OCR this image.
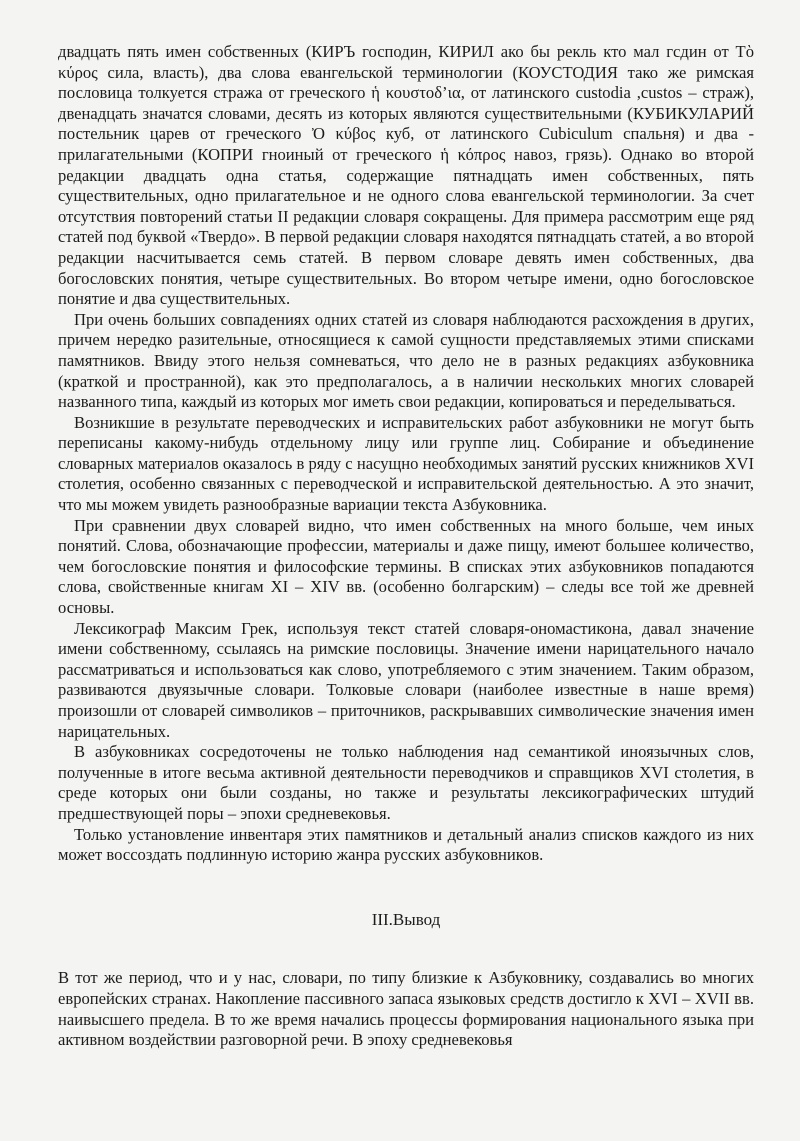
двадцать пять имен собственных (КИРЪ господин, КИРИЛ ако бы рекль кто мал гсдин от Τὸ κύρος сила, власть), два слова евангельской терминологии (КОУСТОДИЯ тако же римская пословица толкуется стража от греческого ἡ κουστοδ’ια, от латинского custodia ,custos – страж), двенадцать значатся словами, десять из которых являются существительными (КУБИКУЛАРИЙ постельник царев от греческого Ὀ κύβος куб, от латинского Cubiculum спальня) и два - прилагательными (КОПРИ гноиный от греческого ἡ κόπρος навоз, грязь). Однако во второй редакции двадцать одна статья, содержащие пятнадцать имен собственных, пять существительных, одно прилагательное и не одного слова евангельской терминологии. За счет отсутствия повторений статьи II редакции словаря сокращены. Для примера рассмотрим еще ряд статей под буквой «Твердо». В первой редакции словаря находятся пятнадцать статей, а во второй редакции насчитывается семь статей. В первом словаре девять имен собственных, два богословских понятия, четыре существительных. Во втором четыре имени, одно богословское понятие и два существительных.

При очень больших совпадениях одних статей из словаря наблюдаются расхождения в других, причем нередко разительные, относящиеся к самой сущности представляемых этими списками памятников. Ввиду этого нельзя сомневаться, что дело не в разных редакциях азбуковника (краткой и пространной), как это предполагалось, а в наличии нескольких многих словарей названного типа, каждый из которых мог иметь свои редакции, копироваться и переделываться.

Возникшие в результате переводческих и исправительских работ азбуковники не могут быть переписаны какому-нибудь отдельному лицу или группе лиц. Собирание и объединение словарных материалов оказалось в ряду с насущно необходимых занятий русских книжников XVI столетия, особенно связанных с переводческой и исправительской деятельностью. А это значит, что мы можем увидеть разнообразные вариации текста Азбуковника.

При сравнении двух словарей видно, что имен собственных на много больше, чем иных понятий. Слова, обозначающие профессии, материалы и даже пищу, имеют большее количество, чем богословские понятия и философские термины. В списках этих азбуковников попадаются слова, свойственные книгам XI – XIV вв. (особенно болгарским) – следы все той же древней основы.

Лексикограф Максим Грек, используя текст статей словаря-ономастикона, давал значение имени собственному, ссылаясь на римские пословицы. Значение имени нарицательного начало рассматриваться и использоваться как слово, употребляемого с этим значением. Таким образом, развиваются двуязычные словари. Толковые словари (наиболее известные в наше время) произошли от словарей символиков – приточников, раскрывавших символические значения имен нарицательных.

В азбуковниках сосредоточены не только наблюдения над семантикой иноязычных слов, полученные в итоге весьма активной деятельности переводчиков и справщиков XVI столетия, в среде которых они были созданы, но также и результаты лексикографических штудий предшествующей поры – эпохи средневековья.

Только установление инвентаря этих памятников и детальный анализ списков каждого из них может воссоздать подлинную историю жанра русских азбуковников.

III.Вывод

В тот же период, что и у нас, словари, по типу близкие к Азбуковнику, создавались во многих европейских странах. Накопление пассивного запаса языковых средств достигло к XVI – XVII вв. наивысшего предела. В то же время начались процессы формирования национального языка при активном воздействии разговорной речи. В эпоху средневековья
